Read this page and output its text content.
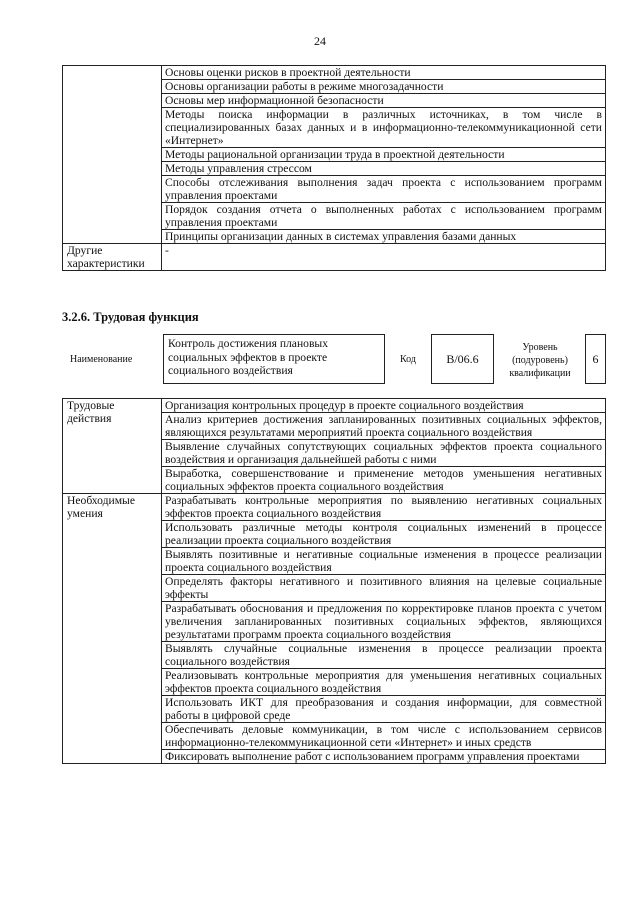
24
	Основы оценки рисков в проектной деятельности
	Основы организации работы в режиме многозадачности
	Основы мер информационной безопасности
	Методы поиска информации в различных источниках, в том числе в специализированных базах данных и в информационно-телекоммуникационной сети «Интернет»
	Методы рациональной организации труда в проектной деятельности
	Методы управления стрессом
	Способы отслеживания выполнения задач проекта с использованием программ управления проектами
	Порядок создания отчета о выполненных работах с использованием программ управления проектами
	Принципы организации данных в системах управления базами данных
Другие характеристики	-
3.2.6. Трудовая функция
Наименование
Контроль достижения плановых социальных эффектов в проекте социального воздействия
Код	B/06.6
Уровень (подуровень) квалификации
6
Трудовые действия	Организация контрольных процедур в проекте социального воздействия
	Анализ критериев достижения запланированных позитивных социальных эффектов, являющихся результатами мероприятий проекта социального воздействия
	Выявление случайных сопутствующих социальных эффектов проекта социального воздействия и организация дальнейшей работы с ними
	Выработка, совершенствование и применение методов уменьшения негативных социальных эффектов проекта социального воздействия
Необходимые умения	Разрабатывать контрольные мероприятия по выявлению негативных социальных эффектов проекта социального воздействия
	Использовать различные методы контроля социальных изменений в процессе реализации проекта социального воздействия
	Выявлять позитивные и негативные социальные изменения в процессе реализации проекта социального воздействия
	Определять факторы негативного и позитивного влияния на целевые социальные эффекты
	Разрабатывать обоснования и предложения по корректировке планов проекта с учетом увеличения запланированных позитивных социальных эффектов, являющихся результатами программ проекта социального воздействия
	Выявлять случайные социальные изменения в процессе реализации проекта социального воздействия
	Реализовывать контрольные мероприятия для уменьшения негативных социальных эффектов проекта социального воздействия
	Использовать ИКТ для преобразования и создания информации, для совместной работы в цифровой среде
	Обеспечивать деловые коммуникации, в том числе с использованием сервисов информационно-телекоммуникационной сети «Интернет» и иных средств
	Фиксировать выполнение работ с использованием программ управления проектами
